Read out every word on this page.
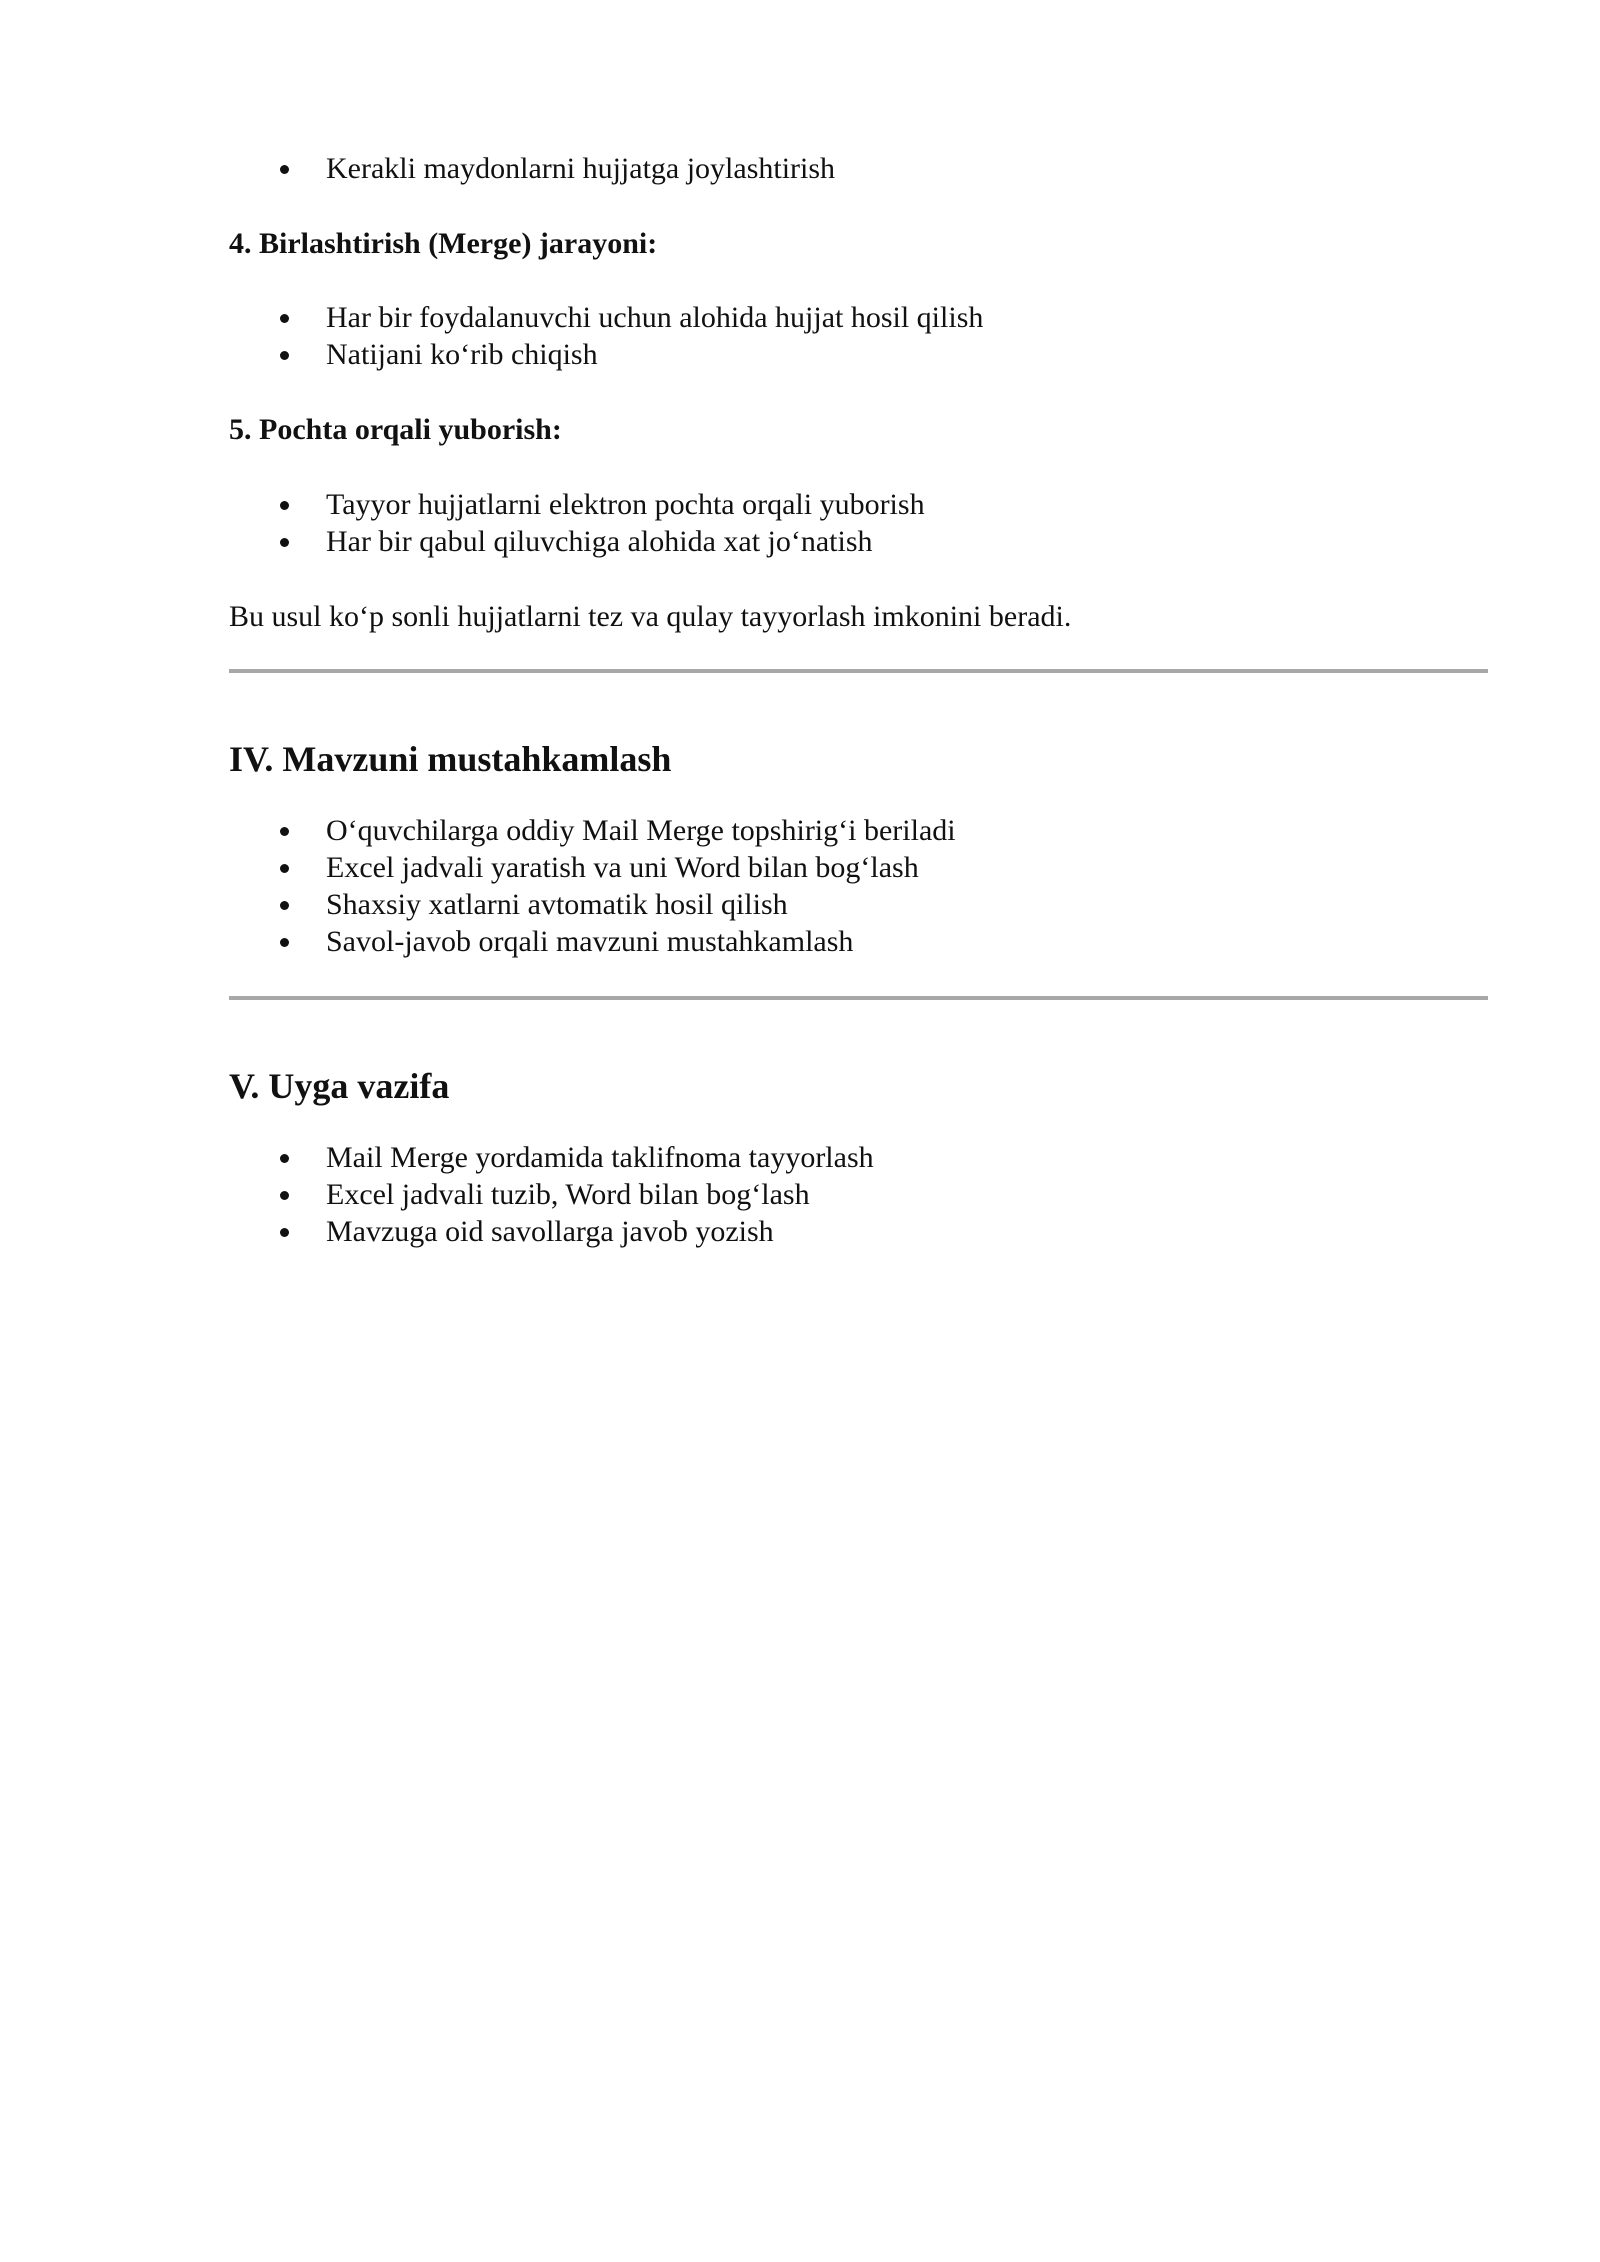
Kerakli maydonlarni hujjatga joylashtirish

4. Birlashtirish (Merge) jarayoni:

Har bir foydalanuvchi uchun alohida hujjat hosil qilish
Natijani ko‘rib chiqish

5. Pochta orqali yuborish:

Tayyor hujjatlarni elektron pochta orqali yuborish
Har bir qabul qiluvchiga alohida xat jo‘natish

Bu usul ko‘p sonli hujjatlarni tez va qulay tayyorlash imkonini beradi.

IV. Mavzuni mustahkamlash
O‘quvchilarga oddiy Mail Merge topshirig‘i beriladi
Excel jadvali yaratish va uni Word bilan bog‘lash
Shaxsiy xatlarni avtomatik hosil qilish
Savol-javob orqali mavzuni mustahkamlash
V. Uyga vazifa
Mail Merge yordamida taklifnoma tayyorlash
Excel jadvali tuzib, Word bilan bog‘lash
Mavzuga oid savollarga javob yozish
